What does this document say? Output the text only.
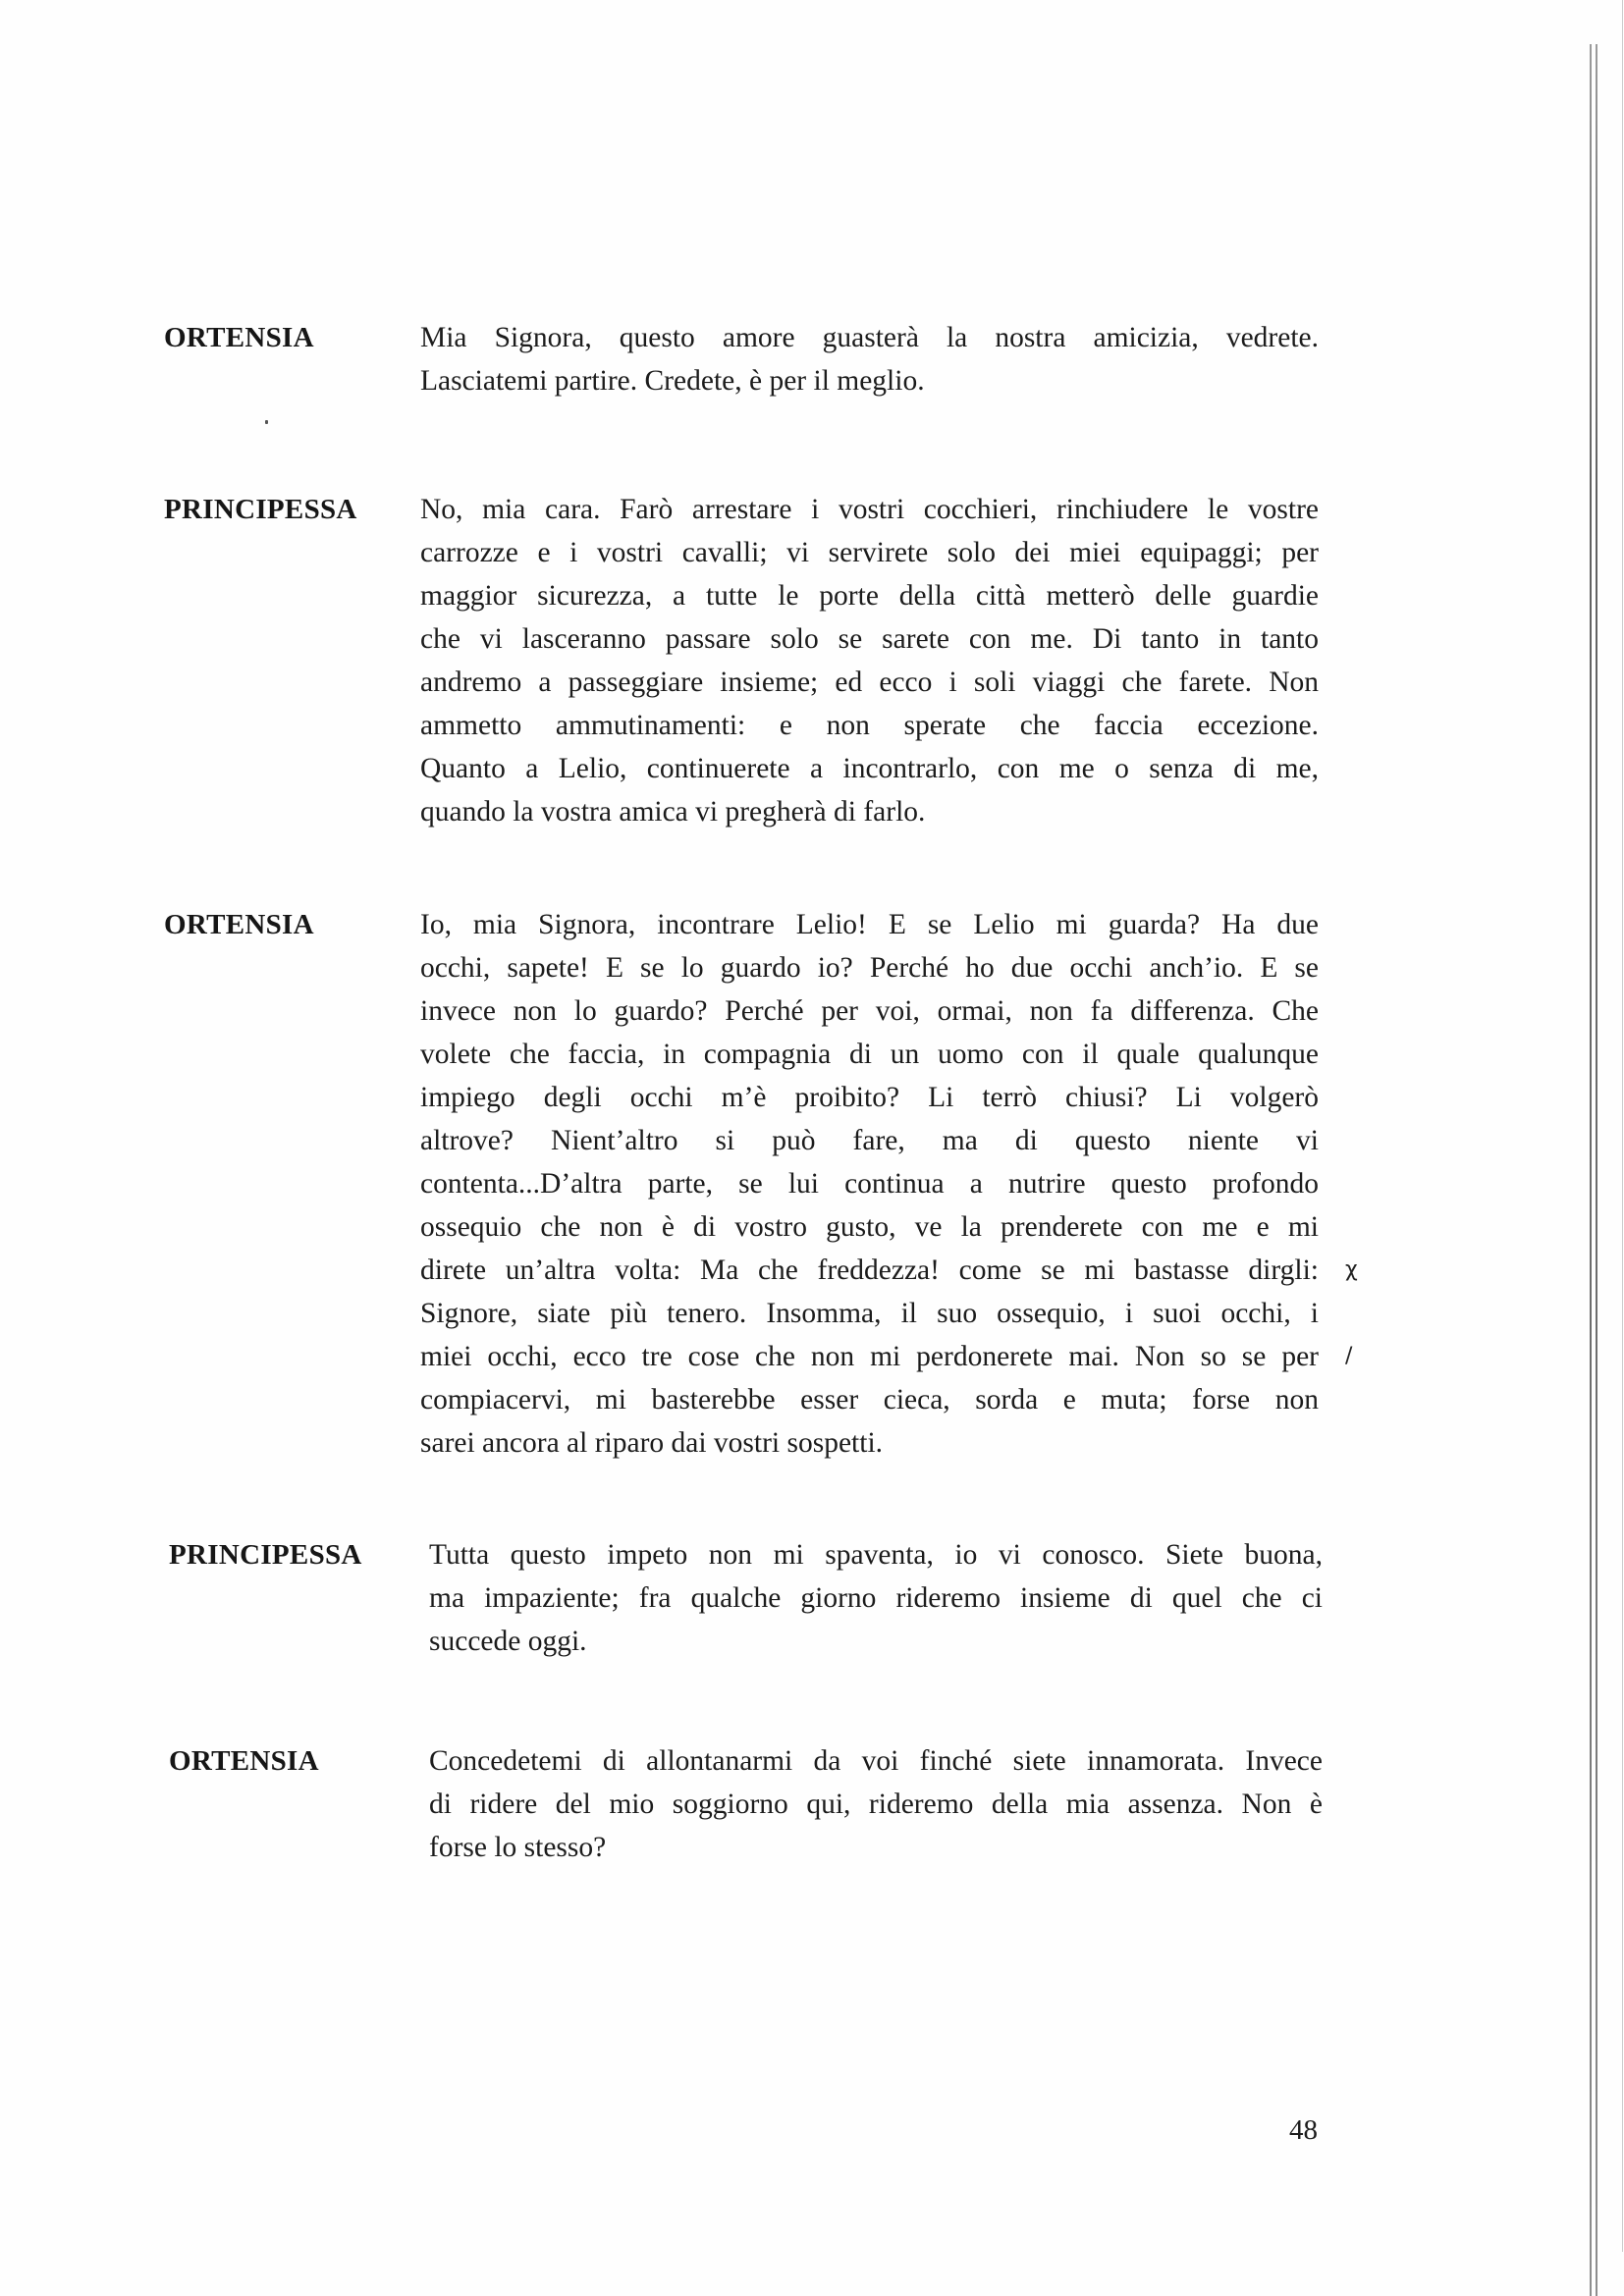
ORTENSIA	Mia Signora, questo amore guasterà la nostra amicizia, vedrete.
Lasciatemi partire. Credete, è per il meglio.
PRINCIPESSA No, mia cara. Farò arrestare i vostri cocchieri, rinchiudere le vostre
carrozze e i vostri cavalli; vi servirete solo dei miei equipaggi; per
maggior sicurezza, a tutte le porte della città metterò delle guardie
che vi lasceranno passare solo se sarete con me. Di tanto in tanto
andremo a passeggiare insieme; ed ecco i soli viaggi che farete. Non
ammetto ammutinamenti: e non sperate che faccia eccezione.
Quanto a Lelio, continuerete a incontrarlo, con me o senza di me,
quando la vostra amica vi pregherà di farlo.
ORTENSIA	Io, mia Signora, incontrare Lelio! E se Lelio mi guarda? Ha due
occhi, sapete! E se lo guardo io? Perché ho due occhi anch’io. E se
invece non lo guardo? Perché per voi, ormai, non fa differenza. Che
volete che faccia, in compagnia di un uomo con il quale qualunque
impiego degli occhi m’è proibito? Li terrò chiusi? Li volgerò
altrove? Nient’altro si può fare, ma di questo niente vi
contenta...D’altra parte, se lui continua a nutrire questo profondo
ossequio che non è di vostro gusto, ve la prenderete con me e mi
direte un’altra volta: Ma che freddezza! come se mi bastasse dirgli:
Signore, siate più tenero. Insomma, il suo ossequio, i suoi occhi, i
miei occhi, ecco tre cose che non mi perdonerete mai. Non so se per
compiacervi, mi basterebbe esser cieca, sorda e muta; forse non
sarei ancora al riparo dai vostri sospetti.
χ
/
PRINCIPESSA Tutta questo impeto non mi spaventa, io vi conosco. Siete buona,
ma impaziente; fra qualche giorno rideremo insieme di quel che ci
succede oggi.
ORTENSIA	Concedetemi di allontanarmi da voi finché siete innamorata. Invece
di ridere del mio soggiorno qui, rideremo della mia assenza. Non è
forse lo stesso?
48
